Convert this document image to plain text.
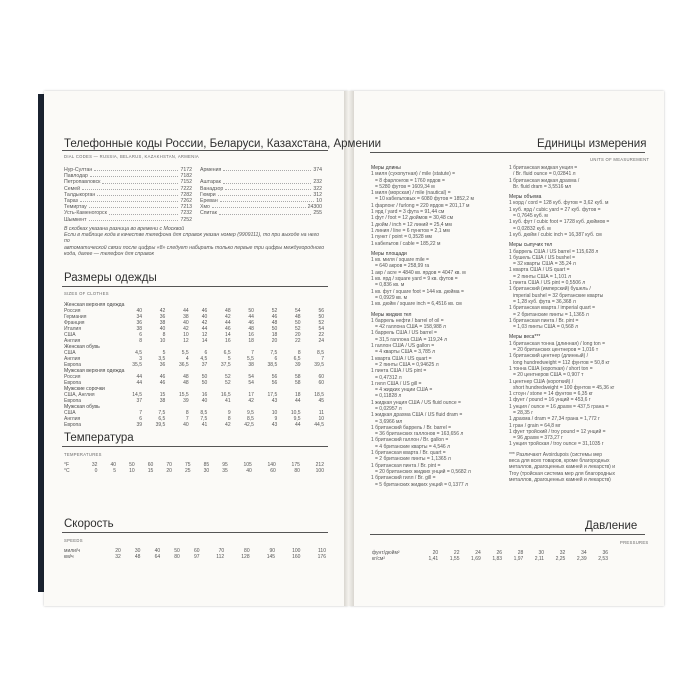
Телефонные коды России, Беларуси, Казахстана, Армении
DIAL CODES — RUSSIA, BELARUS, KAZAKHSTAN, ARMENIA
Нур-Султан	7172
Павлодар	7182
Петропавловск	7152
Семей	7222
Талдыкорган	7282
Тараз	7262
Темиртау	7213
Усть-Каменогорск	7232
Шымкент	7252
Армения	374
Аштарак	232
Ванадзор	322
Гюмри	312
Ереван	10
Хмо	24300
Спитак	255
В скобках указана разница во времени с Москвой
Если в таблице кода в качестве телефона для справок указан номер (9909111), то при выходе на него по
автоматической связи после цифры «8» следует набирать только первые три цифры междугородного
кода, далее — телефон для справок
Размеры одежды
SIZES OF CLOTHES
Женская верхняя одежда									
Россия	40	42	44	46	48	50	52	54	56
Германия	34	36	38	40	42	44	46	48	50
Франция	36	38	40	42	44	46	48	50	52
Италия	38	40	42	44	46	48	50	52	54
США	6	8	10	12	14	16	18	20	22
Англия	8	10	12	14	16	18	20	22	24
Женская обувь									
США	4,5	5	5,5	6	6,5	7	7,5	8	8,5
Англия	3	3,5	4	4,5	5	5,5	6	6,5	7
Европа	35,5	36	36,5	37	37,5	38	38,5	39	39,5
Мужская верхняя одежда									
Россия	44	46	48	50	52	54	56	58	60
Европа	44	46	48	50	52	54	56	58	60
Мужские сорочки									
США, Англия	14,5	15	15,5	16	16,5	17	17,5	18	18,5
Европа	37	38	39	40	41	42	43	44	45
Мужская обувь									
США	7	7,5	8	8,5	9	9,5	10	10,5	11
Англия	6	6,5	7	7,5	8	8,5	9	9,5	10
Европа	39	39,5	40	41	42	42,5	43	44	44,5
Температура
TEMPERATURES
°F	32	40	50	60	70	75	85	95	105	140	175	212
°C	0	5	10	15	20	25	30	35	40	60	80	100
Скорость
SPEEDS
мили/ч	20	30	40	50	60	70	80	90	100	110
км/ч	32	48	64	80	97	112	128	145	160	176
Единицы измерения
UNITS OF MEASUREMENT
Меры длины
1 миля (сухопутная) / mile (statute) =
= 8 фарлонгов = 1760 ярдов =
= 5280 футов = 1609,34 м
1 миля (морская) / mile (nautical) =
= 10 кабельтовых = 6080 футов = 1852,2 м
1 фарлонг / furlong = 220 ярдов = 201,17 м
1 ярд / yard = 3 фута = 91,44 см
1 фут / foot = 12 дюймов = 30,48 см
1 дюйм / inch = 12 линий = 25,4 мм
1 линия / line = 6 пунктов = 2,1 мм
1 пункт / point = 0,3528 мм
1 кабельтов / cable = 185,22 м
Меры площади
1 кв. миля / square mile =
= 640 акров = 258,99 га
1 акр / acre = 4840 кв. ярдов = 4047 кв. м
1 кв. ярд / square yard = 9 кв. футов =
= 0,836 кв. м
1 кв. фут / square foot = 144 кв. дюйма =
= 0,0929 кв. м
1 кв. дюйм / square inch = 6,4516 кв. см
Меры жидких тел
1 баррель нефти / barrel of oil =
= 42 галлона США = 158,988 л
1 баррель США / US barrel =
= 31,5 галлона США = 119,24 л
1 галлон США / US gallon =
= 4 кварты США = 3,785 л
1 кварта США / US quart =
= 2 пинты США = 0,94625 л
1 пинта США / US pint =
= 0,47312 л
1 гилл США / US gill =
= 4 жидких унции США =
= 0,11828 л
1 жидкая унция США / US fluid ounce =
= 0,02957 л
1 жидкая драхма США / US fluid dram =
= 3,6966 мл
1 британский баррель / Br. barrel =
= 36 британских галлонов = 163,656 л
1 британский галлон / Br. gallon =
= 4 британские кварты = 4,546 л
1 британская кварта / Br. quart =
= 2 британские пинты = 1,1365 л
1 британская пинта / Br. pint =
= 20 британских жидких унций = 0,5682 л
1 британский гилл / Br. gill =
= 5 британских жидких унций = 0,1377 л
1 британская жидкая унция =
/ Br. fluid ounce = 0,02841 л
1 британская жидкая драхма /
Br. fluid dram = 3,5516 мл
Меры объема
1 корд / cord = 128 куб. футов = 3,62 куб. м
1 куб. ярд / cubic yard = 27 куб. футов =
= 0,7645 куб. м
1 куб. фут / cubic foot = 1728 куб. дюймов =
= 0,02832 куб. м
1 куб. дюйм / cubic inch = 16,387 куб. см
Меры сыпучих тел
1 баррель США / US barrel = 115,628 л
1 бушель США / US bushel =
= 32 кварты США = 35,24 л
1 кварта США / US quart =
= 2 пинты США = 1,101 л
1 пинта США / US pint = 0,5506 л
1 британский (имперский) бушель /
imperial bushel = 32 британские кварты
= 1,28 куб. фута = 36,368 л
1 британская кварта / imperial quart =
= 2 британские пинты = 1,1365 л
1 британская пинта / Br. pint =
= 1,03 пинты США = 0,568 л
Меры веса***
1 британская тонна (длинная) / long ton =
= 20 британских центнеров = 1,016 т
1 британский центнер (длинный) /
long hundredweight = 112 фунтов = 50,8 кг
1 тонна США (короткая) / short ton =
= 20 центнеров США = 0,907 т
1 центнер США (короткий) /
short hundredweight = 100 фунтов = 45,36 кг
1 стоун / stone = 14 фунтов = 6,35 кг
1 фунт / pound = 16 унций = 453,6 г
1 унция / ounce = 16 драхм = 437,5 грана =
= 28,35 г
1 драхма / dram = 27,34 грана = 1,772 г
1 гран / grain = 64,8 мг
1 фунт тройский / troy pound = 12 унций =
= 96 драхм = 373,27 г
1 унция тройская / troy ounce = 31,1035 г
*** Различают Avoirdupois (системы мер
веса для всех товаров, кроме благородных
металлов, драгоценных камней и лекарств) и
Troy (тройская система мер для благородных
металлов, драгоценных камней и лекарств)
Давление
PRESSURES
фунт/дюйм²	20	22	24	26	28	30	32	34	36
кг/см²	1,41	1,55	1,69	1,83	1,97	2,11	2,25	2,39	2,53
